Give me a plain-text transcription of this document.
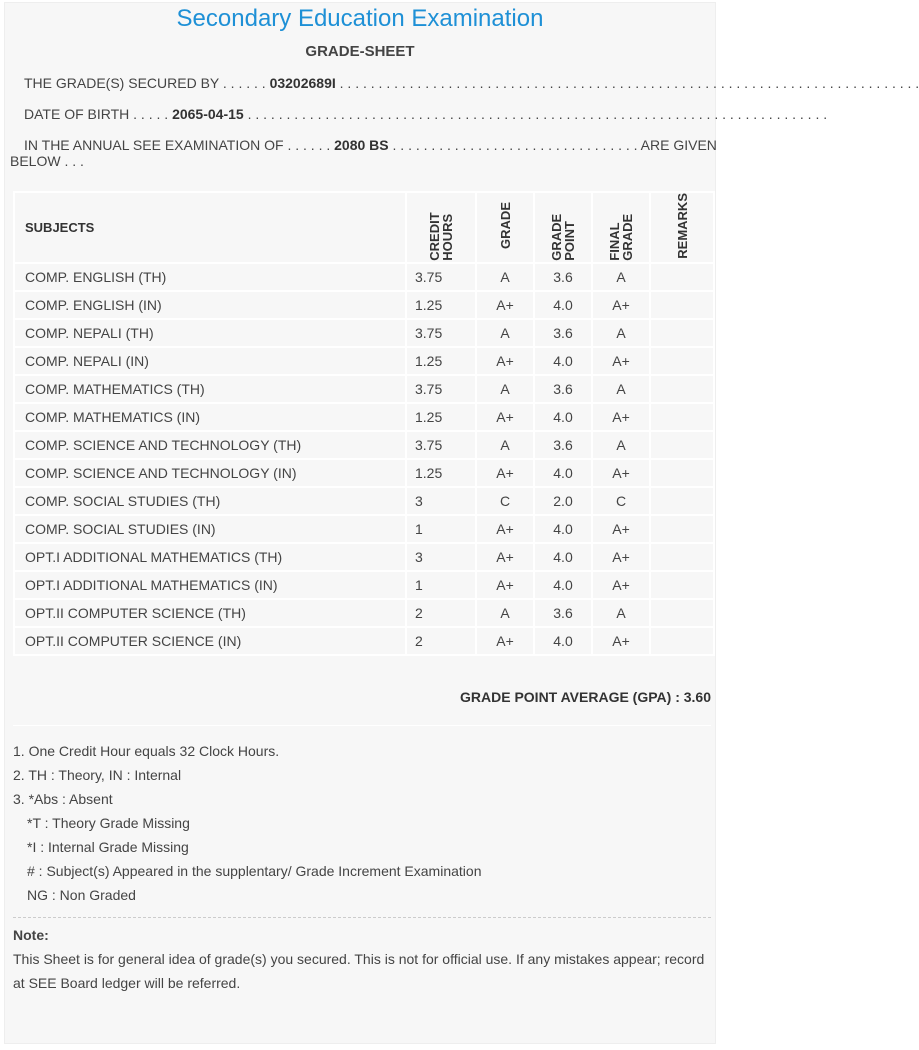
Secondary Education Examination
GRADE-SHEET
THE GRADE(S) SECURED BY . . . . . . 03202689I . . . . . . . . . . . . . . . . . . . . . . . . . . . . . . . . . . . . . . . . . . . . . . . . . . . . . . . . . . . . . . . . . . . . . . . . . . .
DATE OF BIRTH . . . . . 2065-04-15 . . . . . . . . . . . . . . . . . . . . . . . . . . . . . . . . . . . . . . . . . . . . . . . . . . . . . . . . . . . . . . . . . . . . . . . . . . .
IN THE ANNUAL SEE EXAMINATION OF . . . . . . 2080 BS . . . . . . . . . . . . . . . . . . . . . . . . . . . . . . . . ARE GIVEN
BELOW . . .
SUBJECTS	CREDIT HOURS	GRADE	GRADE POINT	FINAL GRADE	REMARKS
COMP. ENGLISH (TH)	3.75	A	3.6	A	
COMP. ENGLISH (IN)	1.25	A+	4.0	A+	
COMP. NEPALI (TH)	3.75	A	3.6	A	
COMP. NEPALI (IN)	1.25	A+	4.0	A+	
COMP. MATHEMATICS (TH)	3.75	A	3.6	A	
COMP. MATHEMATICS (IN)	1.25	A+	4.0	A+	
COMP. SCIENCE AND TECHNOLOGY (TH)	3.75	A	3.6	A	
COMP. SCIENCE AND TECHNOLOGY (IN)	1.25	A+	4.0	A+	
COMP. SOCIAL STUDIES (TH)	3	C	2.0	C	
COMP. SOCIAL STUDIES (IN)	1	A+	4.0	A+	
OPT.I ADDITIONAL MATHEMATICS (TH)	3	A+	4.0	A+	
OPT.I ADDITIONAL MATHEMATICS (IN)	1	A+	4.0	A+	
OPT.II COMPUTER SCIENCE (TH)	2	A	3.6	A	
OPT.II COMPUTER SCIENCE (IN)	2	A+	4.0	A+	
GRADE POINT AVERAGE (GPA) : 3.60
1. One Credit Hour equals 32 Clock Hours.
2. TH : Theory, IN : Internal
3. *Abs : Absent
*T : Theory Grade Missing
*I : Internal Grade Missing
# : Subject(s) Appeared in the supplentary/ Grade Increment Examination
NG : Non Graded
Note:
This Sheet is for general idea of grade(s) you secured. This is not for official use. If any mistakes appear; record at SEE Board ledger will be referred.
